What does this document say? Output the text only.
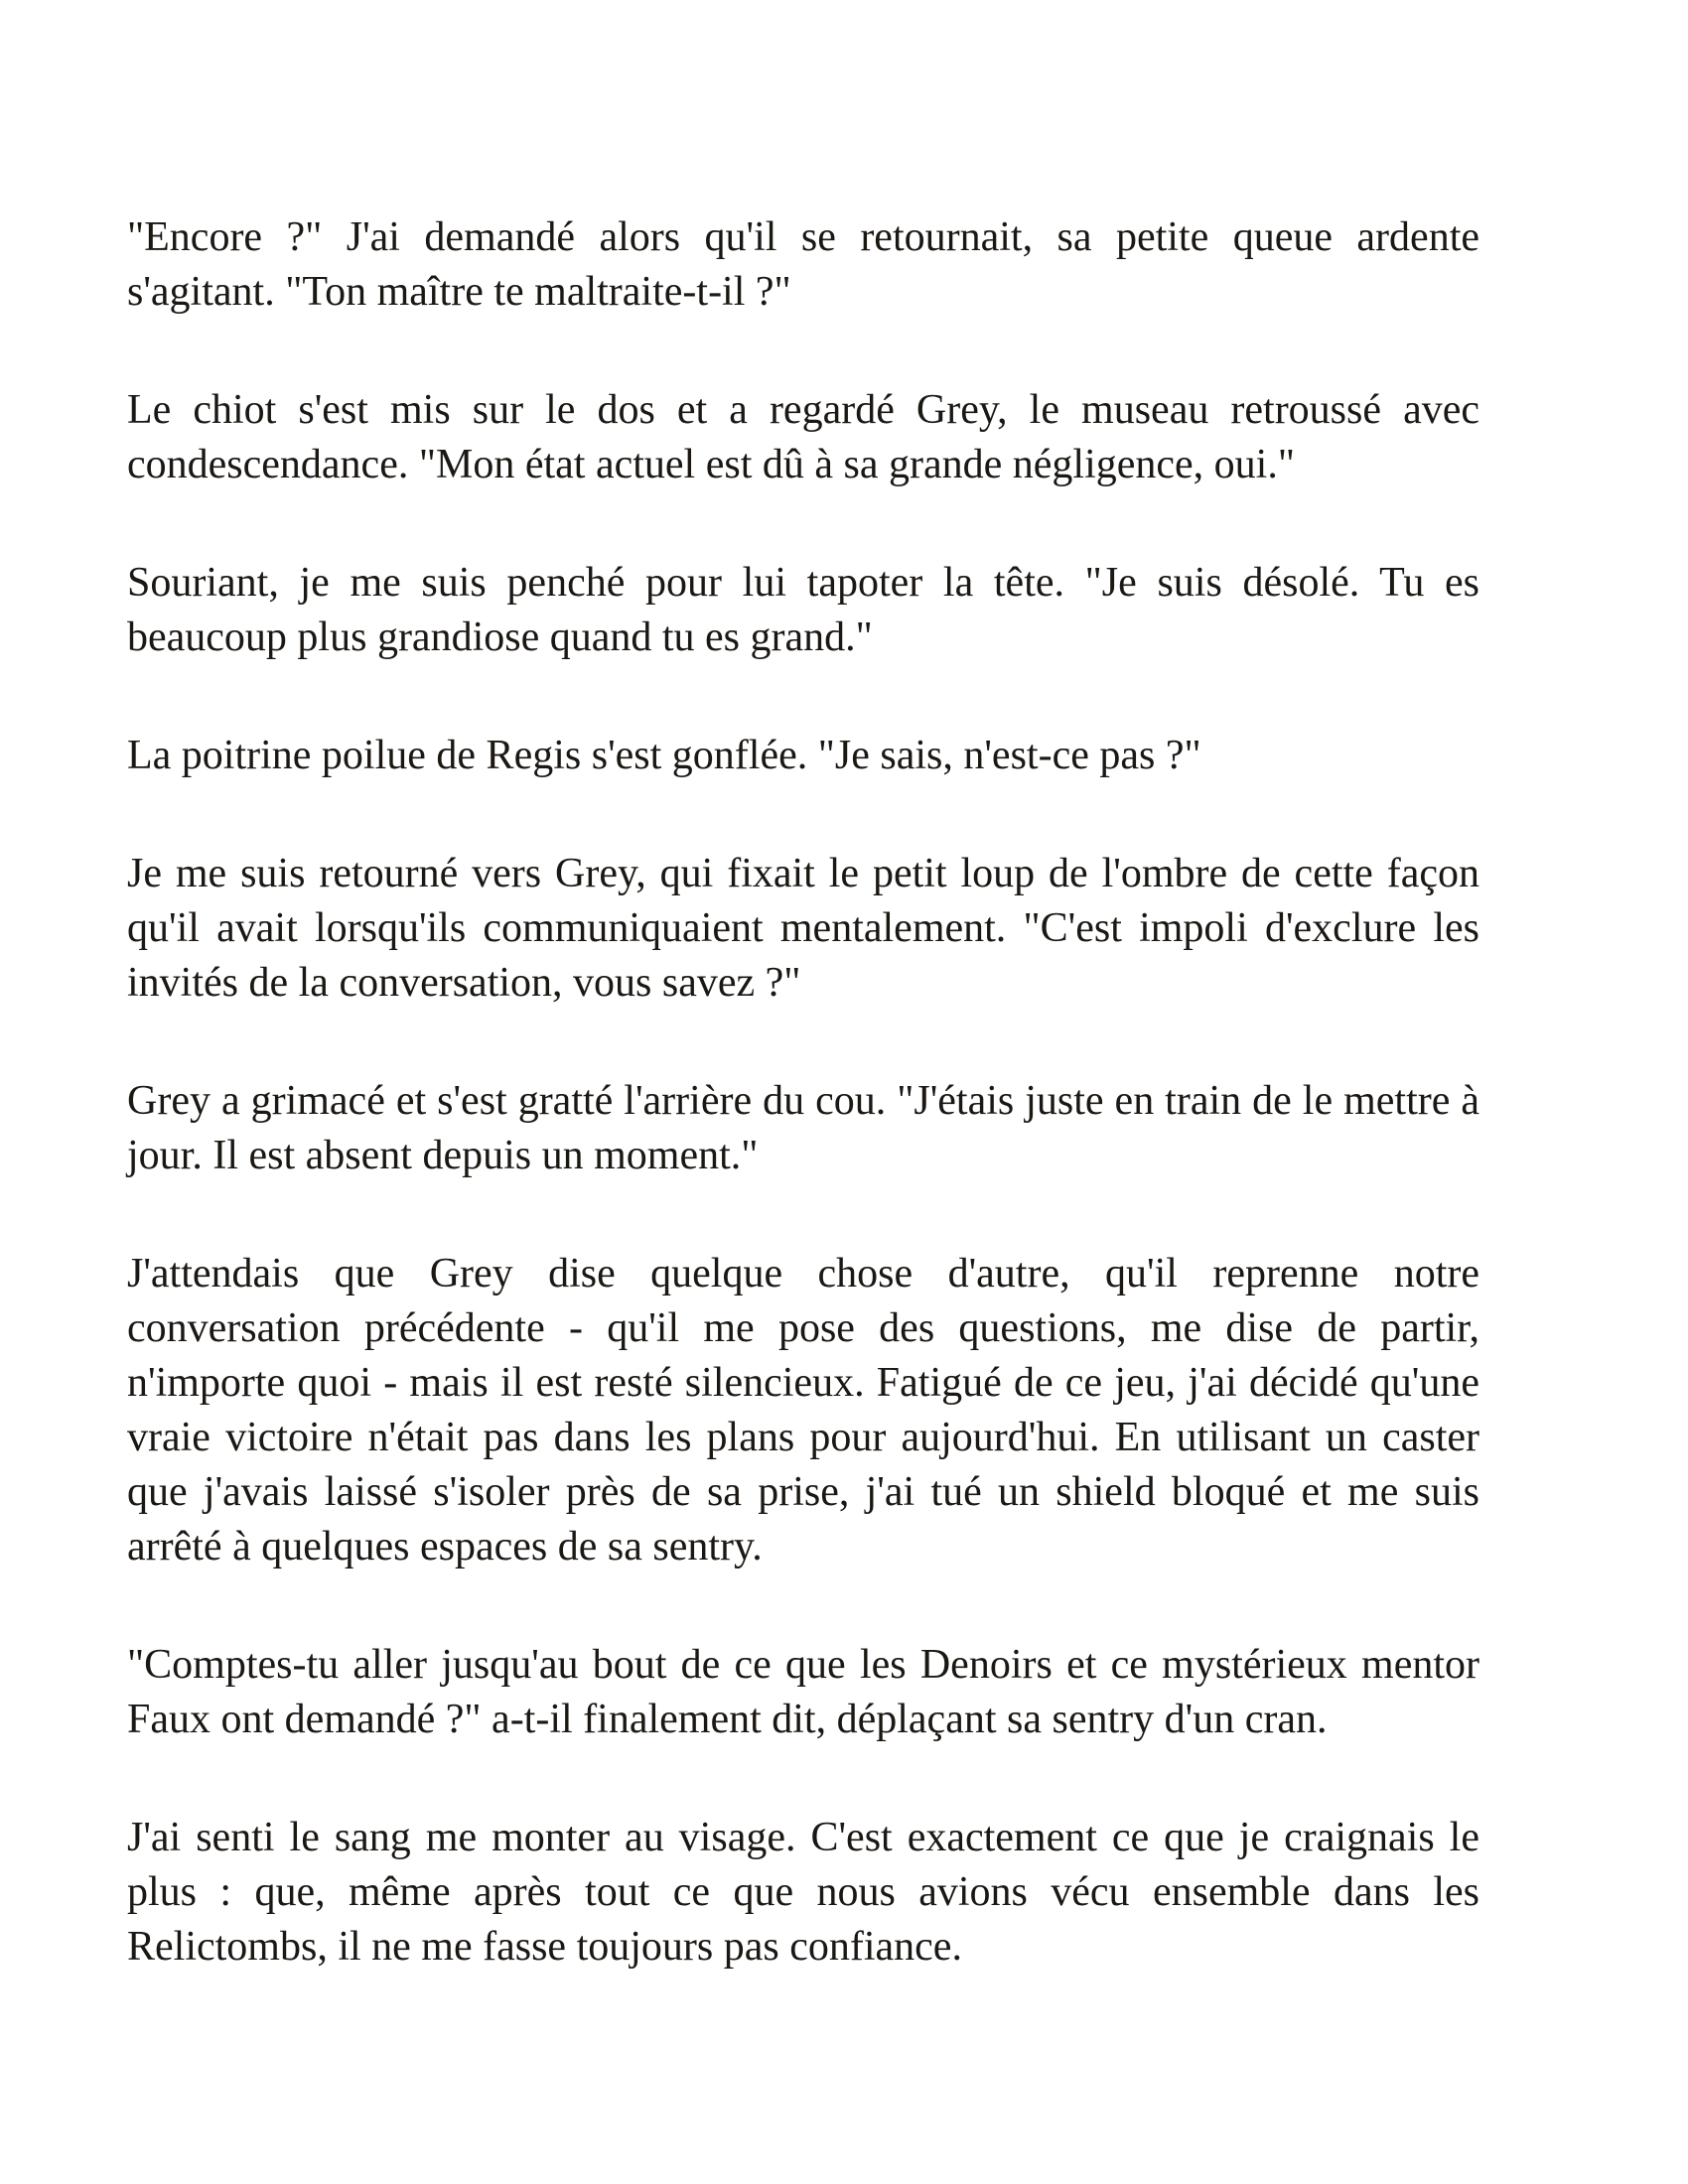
"Encore ?" J'ai demandé alors qu'il se retournait, sa petite queue ardente s'agitant. "Ton maître te maltraite-t-il ?"

Le chiot s'est mis sur le dos et a regardé Grey, le museau retroussé avec condescendance. "Mon état actuel est dû à sa grande négligence, oui."

Souriant, je me suis penché pour lui tapoter la tête. "Je suis désolé. Tu es beaucoup plus grandiose quand tu es grand."

La poitrine poilue de Regis s'est gonflée. "Je sais, n'est-ce pas ?"

Je me suis retourné vers Grey, qui fixait le petit loup de l'ombre de cette façon qu'il avait lorsqu'ils communiquaient mentalement. "C'est impoli d'exclure les invités de la conversation, vous savez ?"

Grey a grimacé et s'est gratté l'arrière du cou. "J'étais juste en train de le mettre à jour. Il est absent depuis un moment."

J'attendais que Grey dise quelque chose d'autre, qu'il reprenne notre conversation précédente - qu'il me pose des questions, me dise de partir, n'importe quoi - mais il est resté silencieux. Fatigué de ce jeu, j'ai décidé qu'une vraie victoire n'était pas dans les plans pour aujourd'hui. En utilisant un caster que j'avais laissé s'isoler près de sa prise, j'ai tué un shield bloqué et me suis arrêté à quelques espaces de sa sentry.

"Comptes-tu aller jusqu'au bout de ce que les Denoirs et ce mystérieux mentor Faux ont demandé ?" a-t-il finalement dit, déplaçant sa sentry d'un cran.

J'ai senti le sang me monter au visage. C'est exactement ce que je craignais le plus : que, même après tout ce que nous avions vécu ensemble dans les Relictombs, il ne me fasse toujours pas confiance.
